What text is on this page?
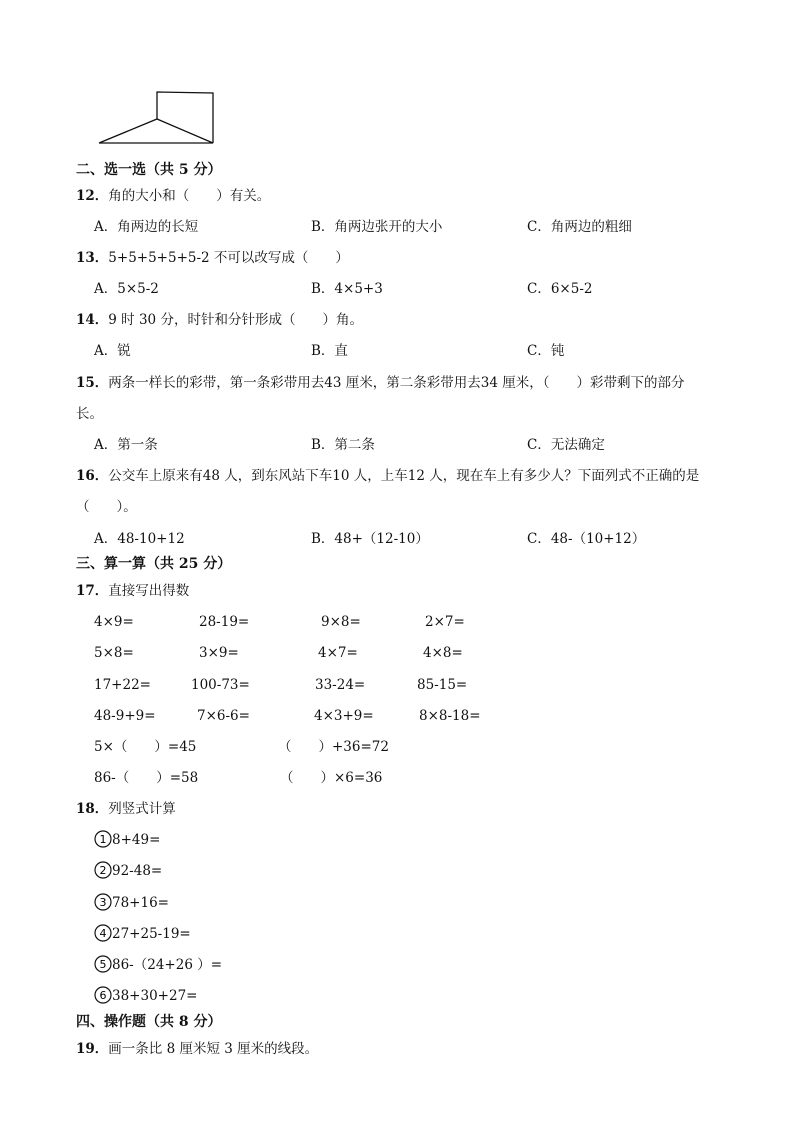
二、选一选（共 5 分）
12．角的大小和（　　）有关。
A．角两边的长短	B．角两边张开的大小	C．角两边的粗细
13．5+5+5+5+5-2 不可以改写成（　　）
A．5×5-2	B．4×5+3	C．6×5-2
14．9 时 30 分，时针和分针形成（　　）角。
A．锐	B．直	C．钝
15．两条一样长的彩带，第一条彩带用去43 厘米，第二条彩带用去34 厘米，（　　）彩带剩下的部分
长。
A．第一条	B．第二条	C．无法确定
16．公交车上原来有48 人，到东风站下车10 人，上车12 人，现在车上有多少人？下面列式不正确的是
（　　）。
A．48-10+12	B．48+（12-10）	C．48-（10+12）
三、算一算（共 25 分）
17．直接写出得数
4×9=	28-19=	9×8=	2×7=
5×8=	3×9=	4×7=	4×8=
17+22=	100-73=	33-24=	85-15=
48-9+9=	7×6-6=	4×3+9=	8×8-18=
5×（　　）=45	（　　）+36=72
86-（　　）=58	（　　）×6=36
18．列竖式计算
1 8+49=
2 92-48=
3 78+16=
4 27+25-19=
5 86-（24+26 ）=
6 38+30+27=
四、操作题（共 8 分）
19．画一条比 8 厘米短 3 厘米的线段。
